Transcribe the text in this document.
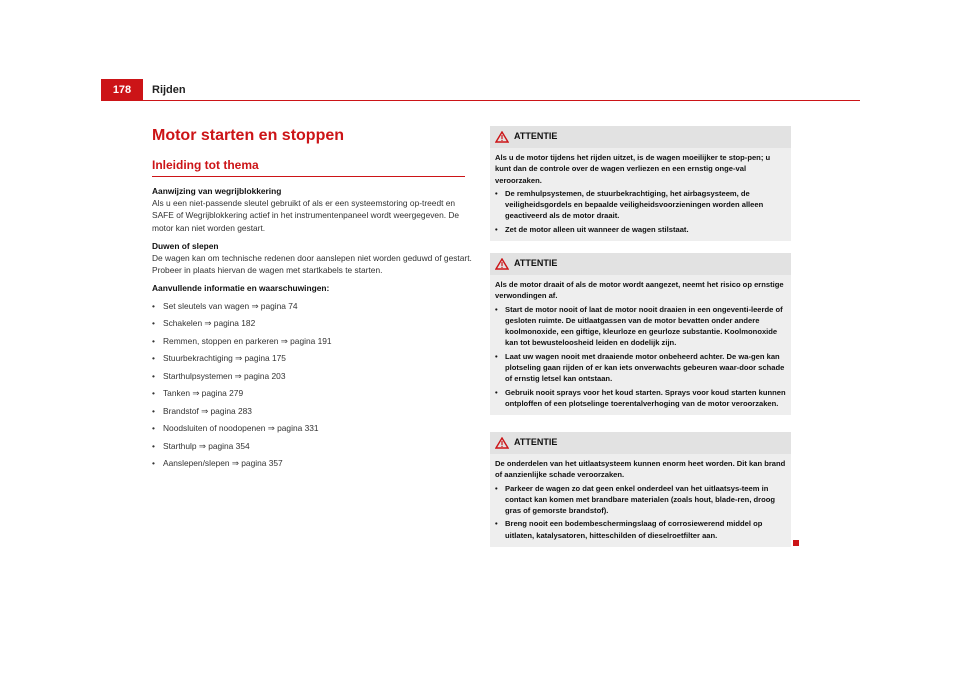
178	Rijden
Motor starten en stoppen
Inleiding tot thema
Aanwijzing van wegrijblokkering

Als u een niet-passende sleutel gebruikt of als er een systeemstoring op-treedt en SAFE of Wegrijblokkering actief in het instrumentenpaneel wordt weergegeven. De motor kan niet worden gestart.

Duwen of slepen

De wagen kan om technische redenen door aanslepen niet worden geduwd of gestart. Probeer in plaats hiervan de wagen met startkabels te starten.

Aanvullende informatie en waarschuwingen:
• Set sleutels van wagen ⇒ pagina 74
• Schakelen ⇒ pagina 182
• Remmen, stoppen en parkeren ⇒ pagina 191
• Stuurbekrachtiging ⇒ pagina 175
• Starthulpsystemen ⇒ pagina 203
• Tanken ⇒ pagina 279
• Brandstof ⇒ pagina 283
• Noodsluiten of noodopenen ⇒ pagina 331
• Starthulp ⇒ pagina 354
• Aanslepen/slepen ⇒ pagina 357
ATTENTIE

Als u de motor tijdens het rijden uitzet, is de wagen moeilijker te stop-pen; u kunt dan de controle over de wagen verliezen en een ernstig onge-val veroorzaken.

• De remhulpsystemen, de stuurbekrachtiging, het airbagsysteem, de veiligheidsgordels en bepaalde veiligheidsvoorzieningen worden alleen geactiveerd als de motor draait.

• Zet de motor alleen uit wanneer de wagen stilstaat.

ATTENTIE

Als de motor draait of als de motor wordt aangezet, neemt het risico op ernstige verwondingen af.

• Start de motor nooit of laat de motor nooit draaien in een ongeventi-leerde of gesloten ruimte. De uitlaatgassen van de motor bevatten onder andere koolmonoxide, een giftige, kleurloze en geurloze substantie. Koolmonoxide kan tot bewusteloosheid leiden en dodelijk zijn.

• Laat uw wagen nooit met draaiende motor onbeheerd achter. De wa-gen kan plotseling gaan rijden of er kan iets onverwachts gebeuren waar-door schade of ernstig letsel kan ontstaan.

• Gebruik nooit sprays voor het koud starten. Sprays voor koud starten kunnen ontploffen of een plotselinge toerentalverhoging van de motor veroorzaken.

ATTENTIE

De onderdelen van het uitlaatsysteem kunnen enorm heet worden. Dit kan brand of aanzienlijke schade veroorzaken.

• Parkeer de wagen zo dat geen enkel onderdeel van het uitlaatsys-teem in contact kan komen met brandbare materialen (zoals hout, blade-ren, droog gras of gemorste brandstof).

• Breng nooit een bodembeschermingslaag of corrosiewerend middel op uitlaten, katalysatoren, hitteschilden of dieselroetfilter aan.
